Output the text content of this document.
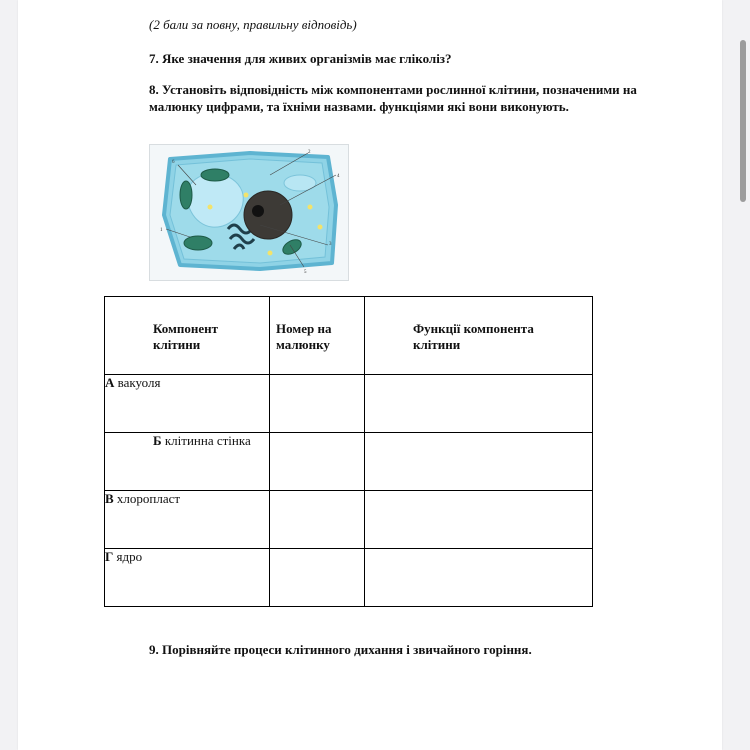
(2 бали за повну, правильну відповідь)
7. Яке значення для живих організмів має гліколіз?
8. Установіть відповідність між компонентами рослинної клітини, позначеними на малюнку цифрами, та їхніми назвами. функціями які вони виконують.
6
2
4
3
5
1
Компонент клітини	Номер на малюнку	Функції компонента клітини

А вакуоля		
Б клітинна стінка		
В хлоропласт		
Г ядро		
9. Порівняйте процеси клітинного дихання і звичайного горіння.
